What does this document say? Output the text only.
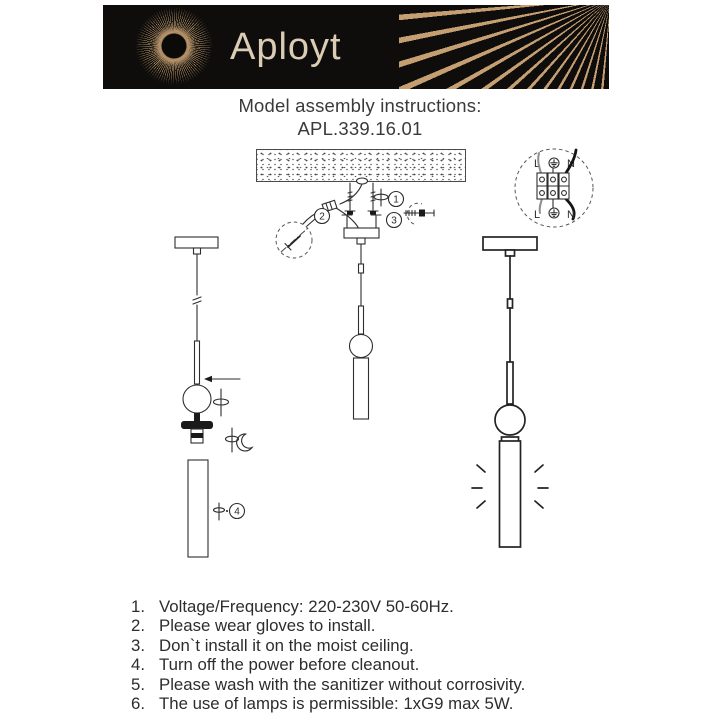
Aployt
Model assembly instructions:
APL.339.16.01
1
3
2
4
L N
L N
1. Voltage/Frequency: 220-230V 50-60Hz.
2. Please wear gloves to install.
3. Don`t install it on the moist ceiling.
4. Turn off the power before cleanout.
5. Please wash with the sanitizer without corrosivity.
6. The use of lamps is permissible: 1xG9 max 5W.
